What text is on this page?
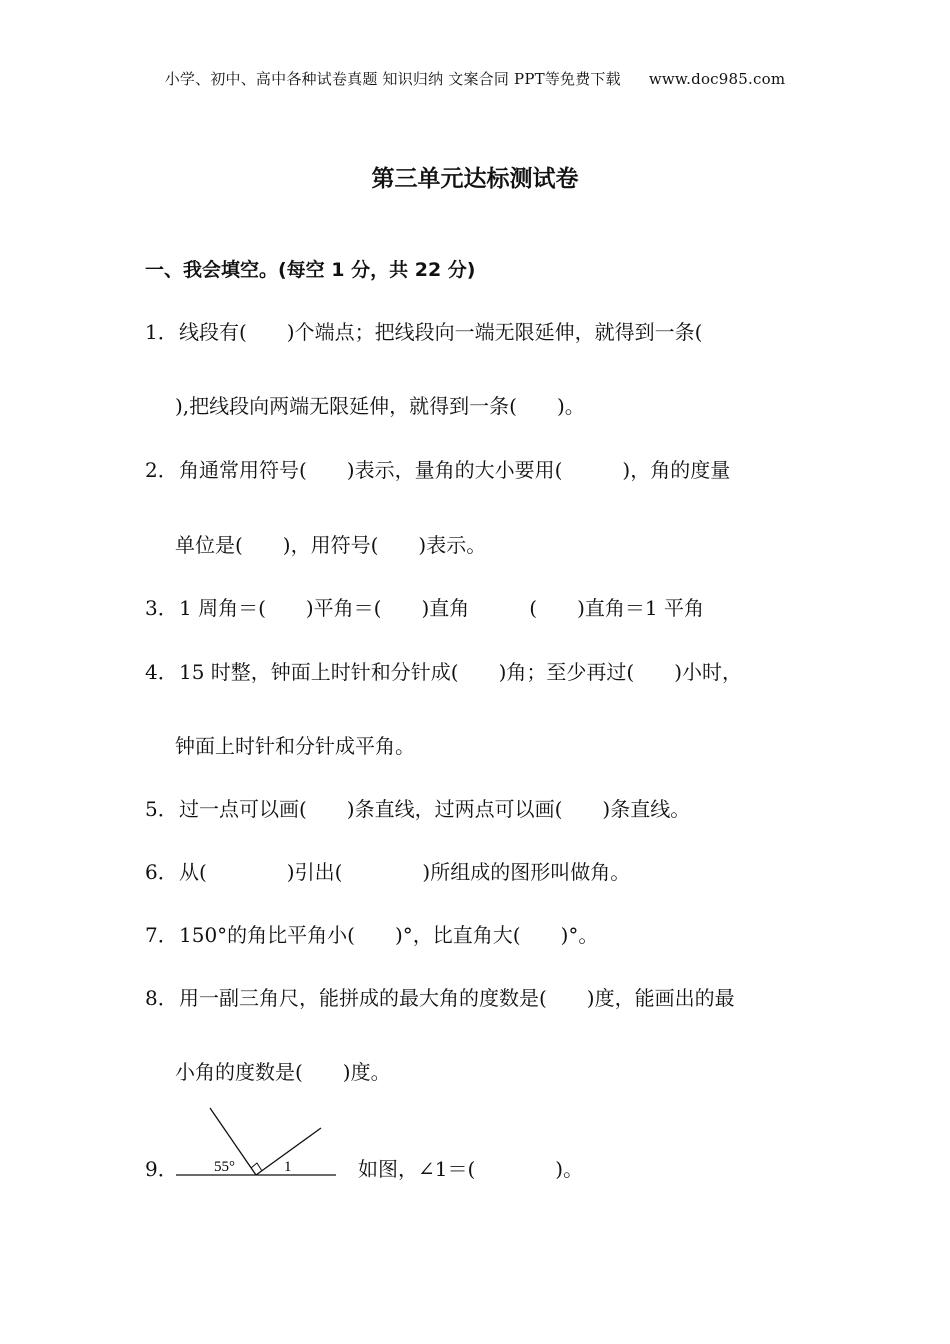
小学、初中、高中各种试卷真题 知识归纳 文案合同 PPT等免费下载 www.doc985.com
第三单元达标测试卷
一、我会填空。(每空 1 分，共 22 分)
1．线段有(　　)个端点；把线段向一端无限延伸，就得到一条(
),把线段向两端无限延伸，就得到一条(　　)。
2．角通常用符号(　　)表示，量角的大小要用(　　　)，角的度量
单位是(　　)，用符号(　　)表示。
3．1 周角＝(　　)平角＝(　　)直角　　　(　　)直角＝1 平角
4．15 时整，钟面上时针和分针成(　　)角；至少再过(　　)小时，
钟面上时针和分针成平角。
5．过一点可以画(　　)条直线，过两点可以画(　　)条直线。
6．从(　　　　)引出(　　　　)所组成的图形叫做角。
7．150°的角比平角小(　　)°，比直角大(　　)°。
8．用一副三角尺，能拼成的最大角的度数是(　　)度，能画出的最
小角的度数是(　　)度。
9． 55°	1	如图，∠1＝(　　　　)。
